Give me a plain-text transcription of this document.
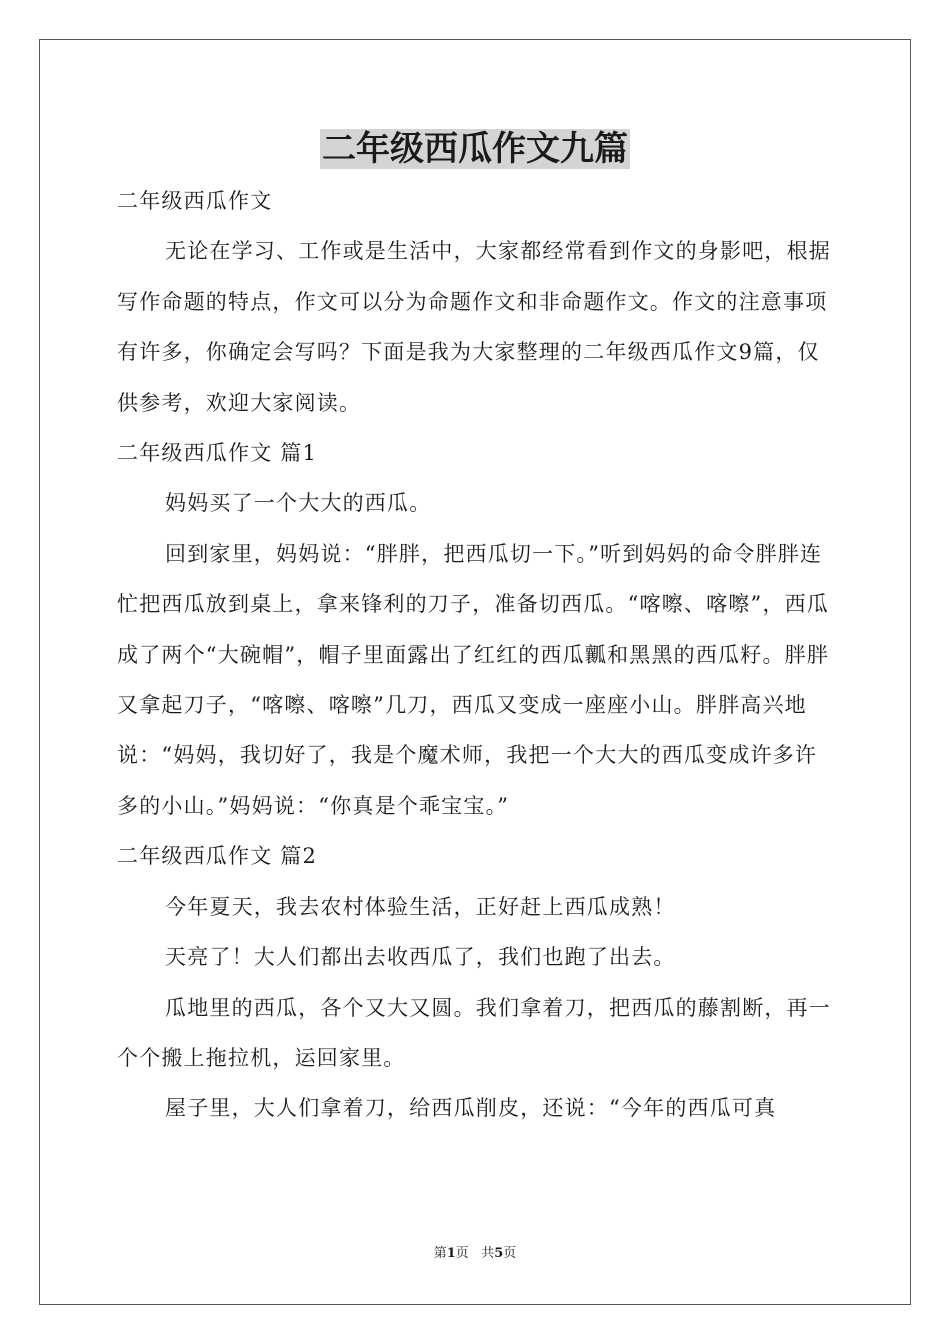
二年级西瓜作文九篇

二年级西瓜作文

无论在学习、工作或是生活中，大家都经常看到作文的身影吧，根据写作命题的特点，作文可以分为命题作文和非命题作文。作文的注意事项有许多，你确定会写吗？下面是我为大家整理的二年级西瓜作文9篇，仅供参考，欢迎大家阅读。

二年级西瓜作文 篇1

妈妈买了一个大大的西瓜。

回到家里，妈妈说：“胖胖，把西瓜切一下。”听到妈妈的命令胖胖连忙把西瓜放到桌上，拿来锋利的刀子，准备切西瓜。“喀嚓、喀嚓”，西瓜成了两个“大碗帽”，帽子里面露出了红红的西瓜瓤和黑黑的西瓜籽。胖胖又拿起刀子，“喀嚓、喀嚓”几刀，西瓜又变成一座座小山。胖胖高兴地说：“妈妈，我切好了，我是个魔术师，我把一个大大的西瓜变成许多许多的小山。”妈妈说：“你真是个乖宝宝。”

二年级西瓜作文 篇2

今年夏天，我去农村体验生活，正好赶上西瓜成熟！

天亮了！大人们都出去收西瓜了，我们也跑了出去。

瓜地里的西瓜，各个又大又圆。我们拿着刀，把西瓜的藤割断，再一个个搬上拖拉机，运回家里。

屋子里，大人们拿着刀，给西瓜削皮，还说：“今年的西瓜可真

第1页 共5页
